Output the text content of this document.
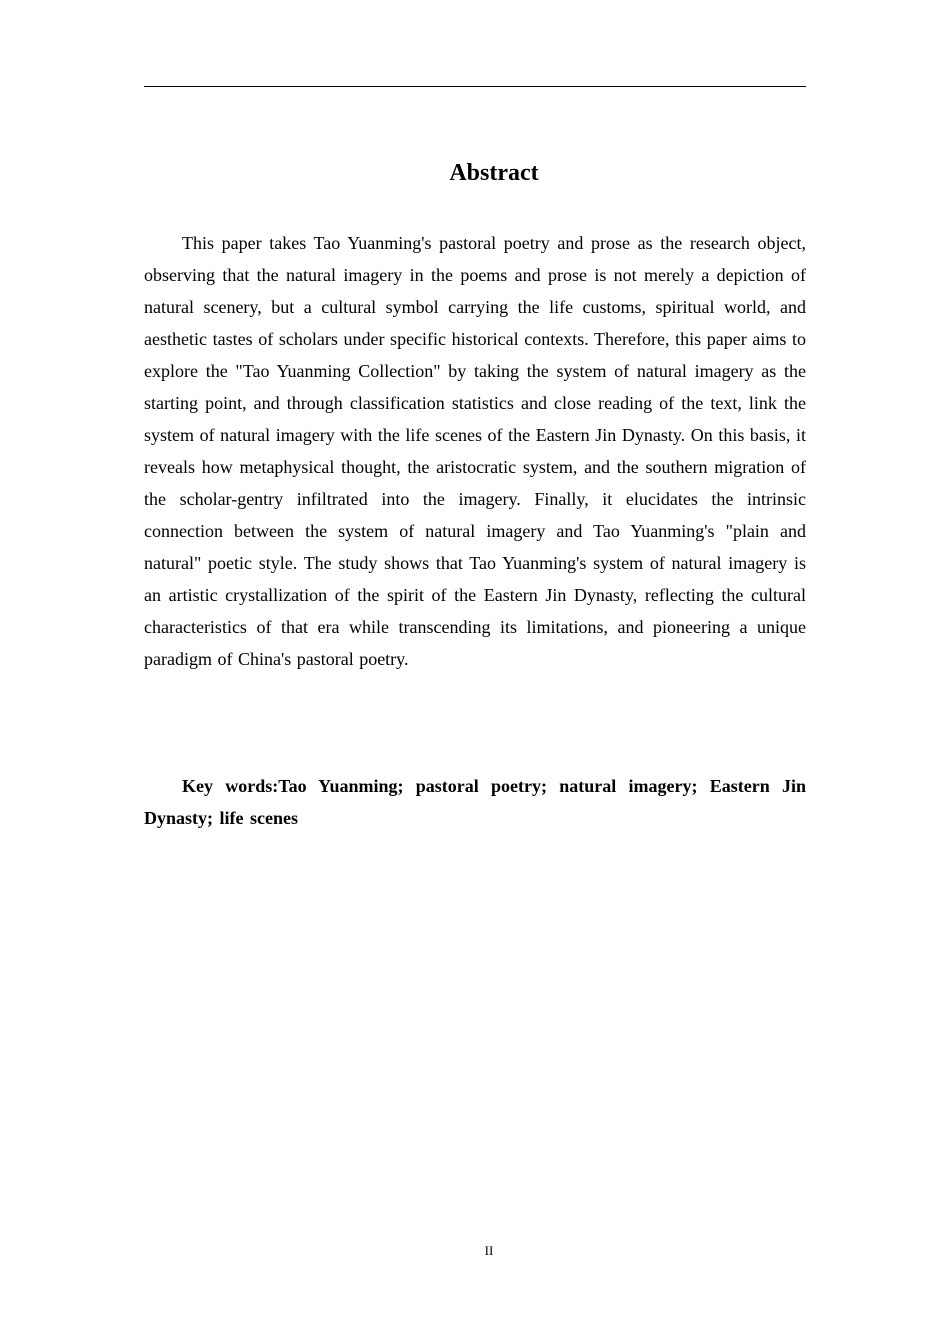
Abstract

This paper takes Tao Yuanming's pastoral poetry and prose as the research object, observing that the natural imagery in the poems and prose is not merely a depiction of natural scenery, but a cultural symbol carrying the life customs, spiritual world, and aesthetic tastes of scholars under specific historical contexts. Therefore, this paper aims to explore the "Tao Yuanming Collection" by taking the system of natural imagery as the starting point, and through classification statistics and close reading of the text, link the system of natural imagery with the life scenes of the Eastern Jin Dynasty. On this basis, it reveals how metaphysical thought, the aristocratic system, and the southern migration of the scholar-gentry infiltrated into the imagery. Finally, it elucidates the intrinsic connection between the system of natural imagery and Tao Yuanming's "plain and natural" poetic style. The study shows that Tao Yuanming's system of natural imagery is an artistic crystallization of the spirit of the Eastern Jin Dynasty, reflecting the cultural characteristics of that era while transcending its limitations, and pioneering a unique paradigm of China's pastoral poetry.

Key words:Tao Yuanming; pastoral poetry; natural imagery; Eastern Jin Dynasty; life scenes

II
